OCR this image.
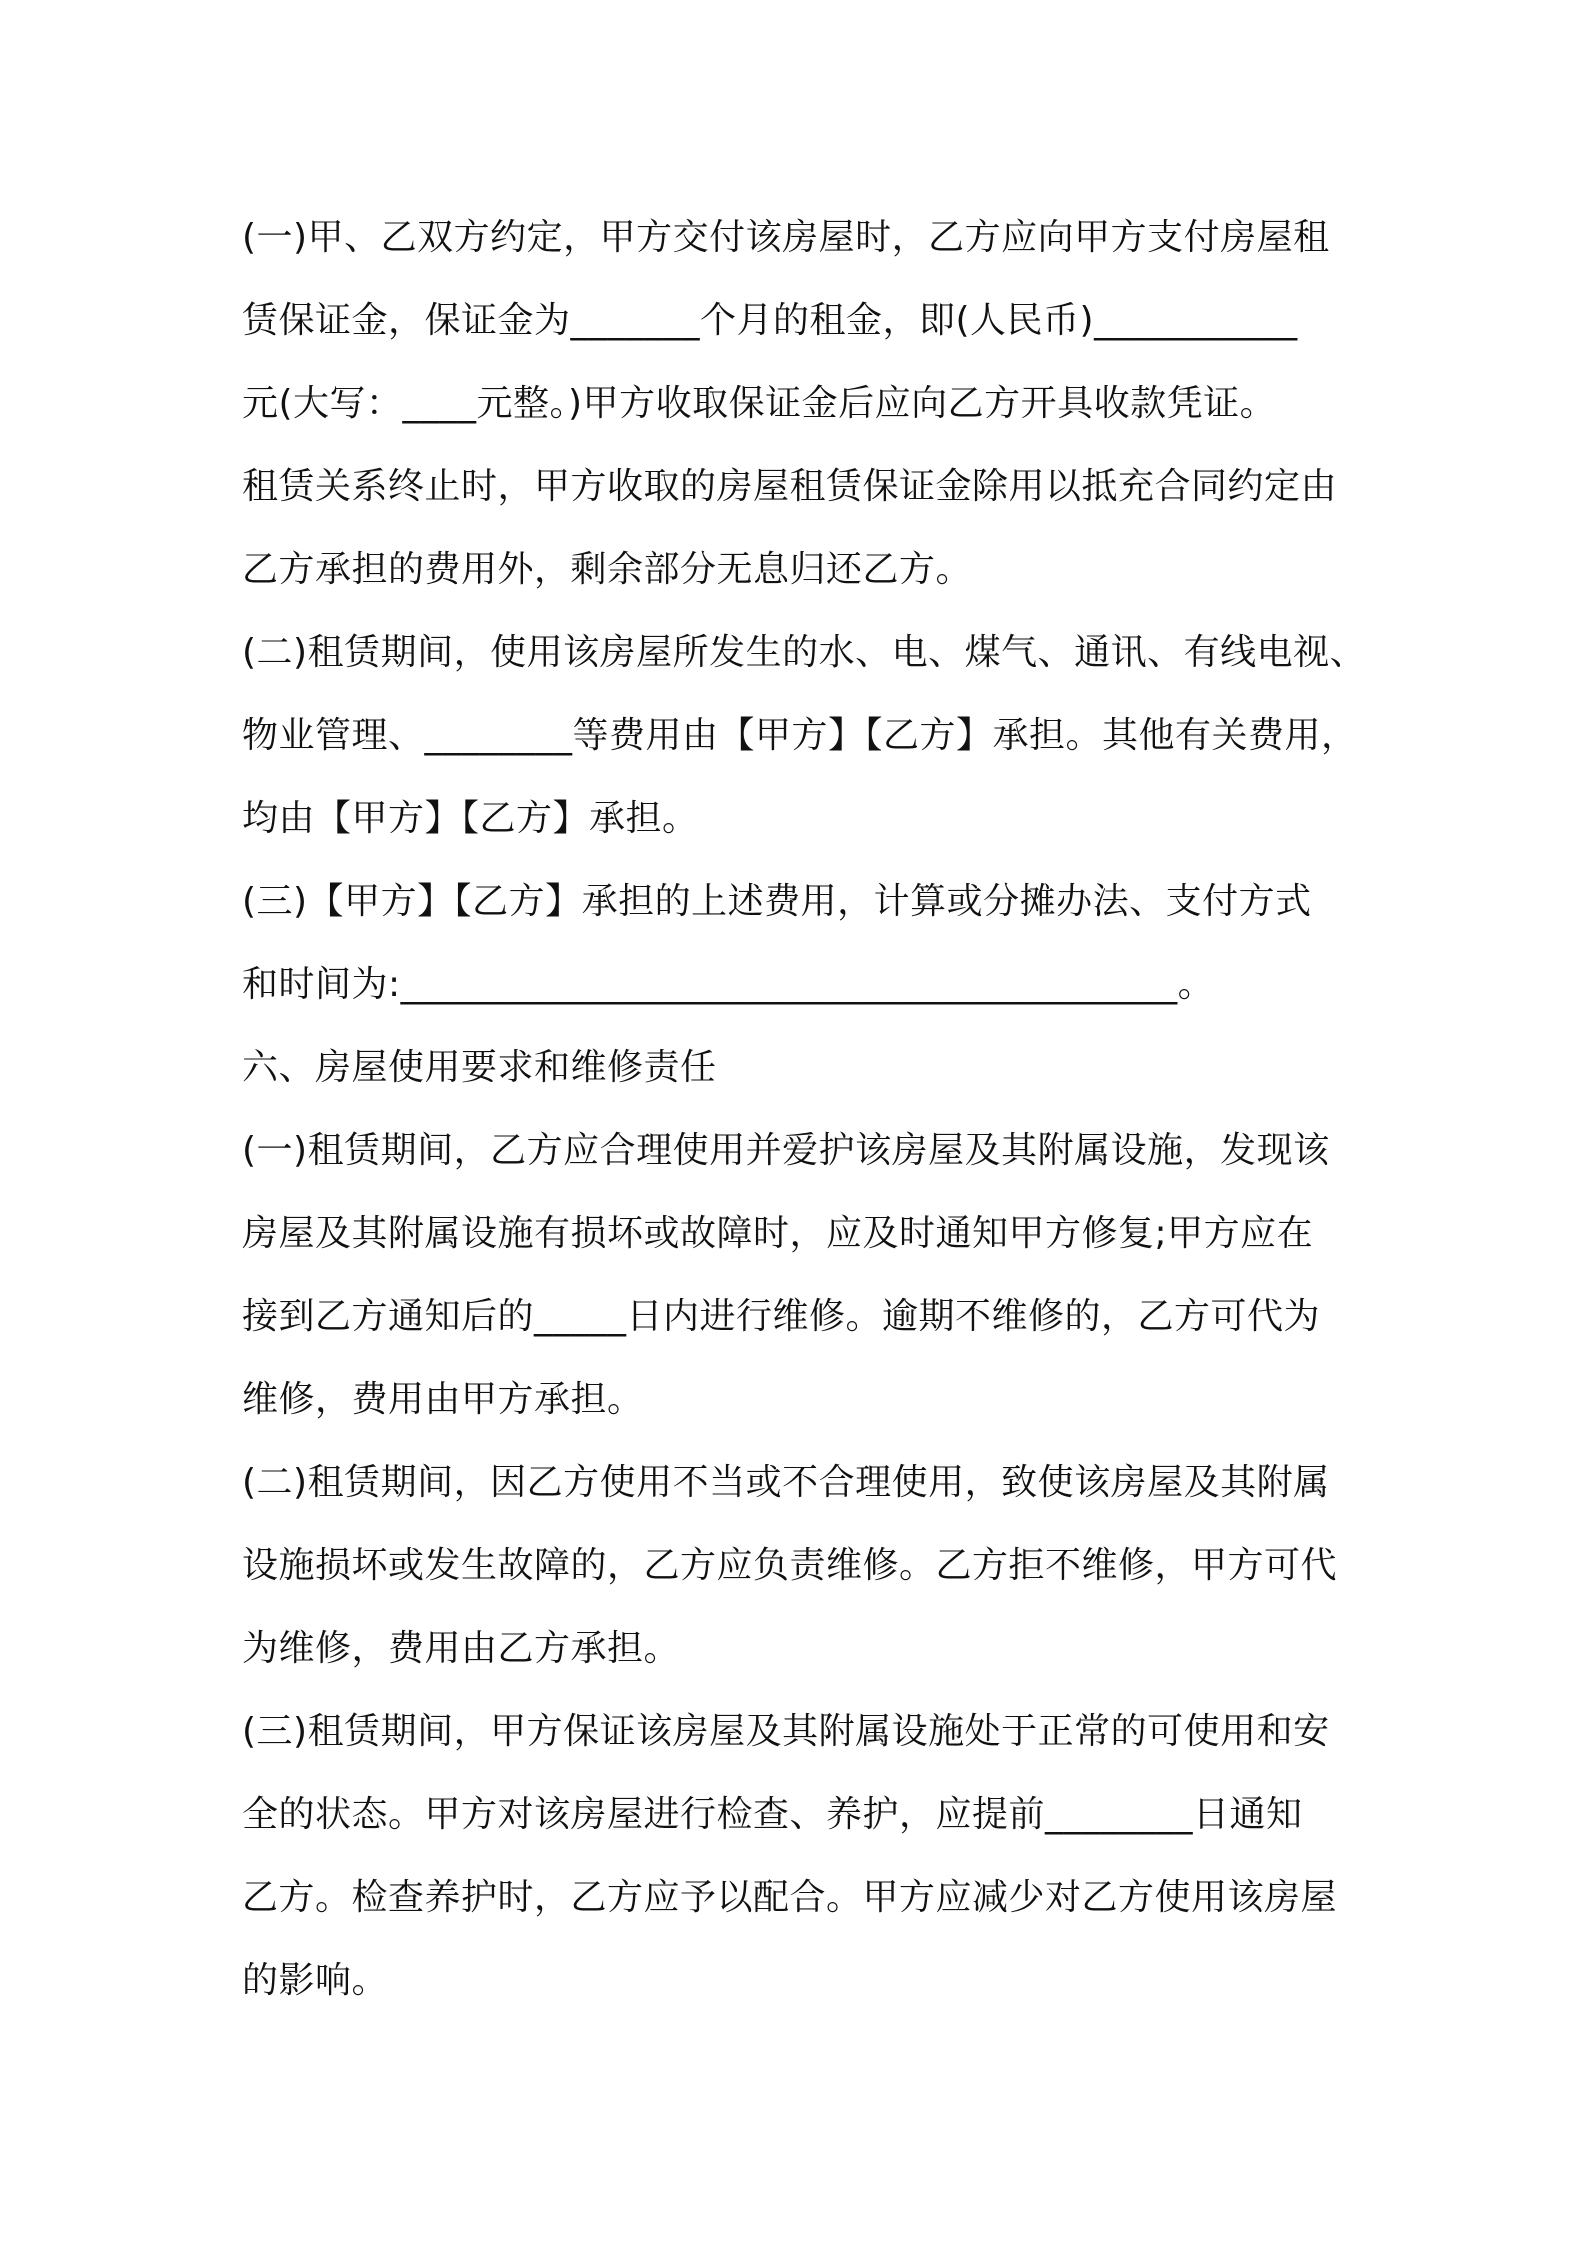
(一)甲、乙双方约定，甲方交付该房屋时，乙方应向甲方支付房屋租
赁保证金，保证金为_______个月的租金，即(人民币)___________
元(大写：____元整。)甲方收取保证金后应向乙方开具收款凭证。
租赁关系终止时，甲方收取的房屋租赁保证金除用以抵充合同约定由
乙方承担的费用外，剩余部分无息归还乙方。
(二)租赁期间，使用该房屋所发生的水、电、煤气、通讯、有线电视、
物业管理、________等费用由【甲方】【乙方】承担。其他有关费用，
均由【甲方】【乙方】承担。
(三)【甲方】【乙方】承担的上述费用，计算或分摊办法、支付方式
和时间为:__________________________________________。
六、房屋使用要求和维修责任
(一)租赁期间，乙方应合理使用并爱护该房屋及其附属设施，发现该
房屋及其附属设施有损坏或故障时，应及时通知甲方修复;甲方应在
接到乙方通知后的_____日内进行维修。逾期不维修的，乙方可代为
维修，费用由甲方承担。
(二)租赁期间，因乙方使用不当或不合理使用，致使该房屋及其附属
设施损坏或发生故障的，乙方应负责维修。乙方拒不维修，甲方可代
为维修，费用由乙方承担。
(三)租赁期间，甲方保证该房屋及其附属设施处于正常的可使用和安
全的状态。甲方对该房屋进行检查、养护，应提前________日通知
乙方。检查养护时，乙方应予以配合。甲方应减少对乙方使用该房屋
的影响。
